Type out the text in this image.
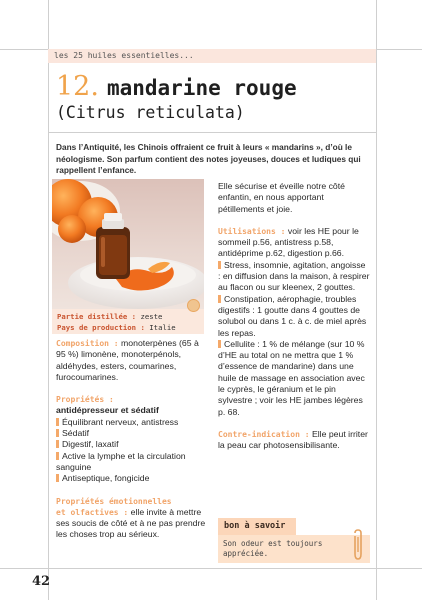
les 25 huiles essentielles...
12. mandarine rouge
(Citrus reticulata)
Dans l’Antiquité, les Chinois offraient ce fruit à leurs « mandarins », d’où le néologisme. Son parfum contient des notes joyeuses, douces et ludiques qui rappellent l’enfance.
Partie distillée : zeste
Pays de production : Italie

Composition : monoterpènes (65 à 95 %) limonène, monoterpénols, aldéhydes, esters, coumarines, furocoumarines.

Propriétés :
antidépresseur et sédatif
Équilibrant nerveux, antistress
Sédatif
Digestif, laxatif
Active la lymphe et la circulation sanguine
Antiseptique, fongicide
Propriétés émotionnelles

et olfactives : elle invite à mettre ses soucis de côté et à ne pas prendre les choses trop au sérieux.

Elle sécurise et éveille notre côté enfantin, en nous apportant pétillements et joie.

Utilisations : voir les HE pour le sommeil p.56, antistress p.58, antidéprime p.62, digestion p.66.

Stress, insomnie, agitation, angoisse : en diffusion dans la maison, à respirer au flacon ou sur kleenex, 2 gouttes.
Constipation, aérophagie, troubles digestifs : 1 goutte dans 4 gouttes de solubol ou dans 1 c. à c. de miel après les repas.
Cellulite : 1 % de mélange (sur 10 % d’HE au total on ne mettra que 1 % d’essence de mandarine) dans une huile de massage en association avec le cyprès, le géranium et le pin sylvestre ; voir les HE jambes légères p. 68.

Contre-indication : Elle peut irriter la peau car photosensibilisante.

bon à savoir
Son odeur est toujours appréciée.
42
